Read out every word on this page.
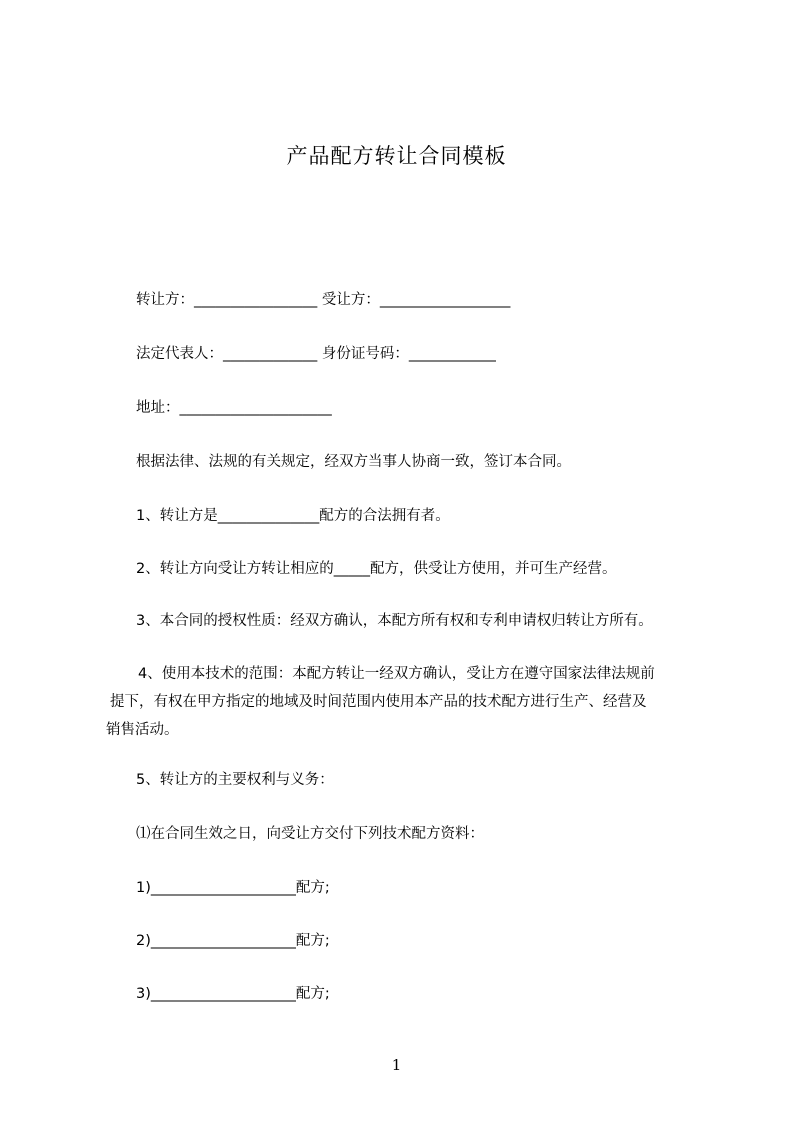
产品配方转让合同模板
转让方：_________________ 受让方：__________________
法定代表人：_____________ 身份证号码：____________
地址：_____________________
根据法律、法规的有关规定，经双方当事人协商一致，签订本合同。
1、转让方是______________配方的合法拥有者。
2、转让方向受让方转让相应的_____配方，供受让方使用，并可生产经营。
3、本合同的授权性质：经双方确认，本配方所有权和专利申请权归转让方所有。
4、使用本技术的范围：本配方转让一经双方确认，受让方在遵守国家法律法规前
提下，有权在甲方指定的地域及时间范围内使用本产品的技术配方进行生产、经营及
销售活动。
5、转让方的主要权利与义务：
⑴在合同生效之日，向受让方交付下列技术配方资料：
1)____________________配方;
2)____________________配方;
3)____________________配方;
1
